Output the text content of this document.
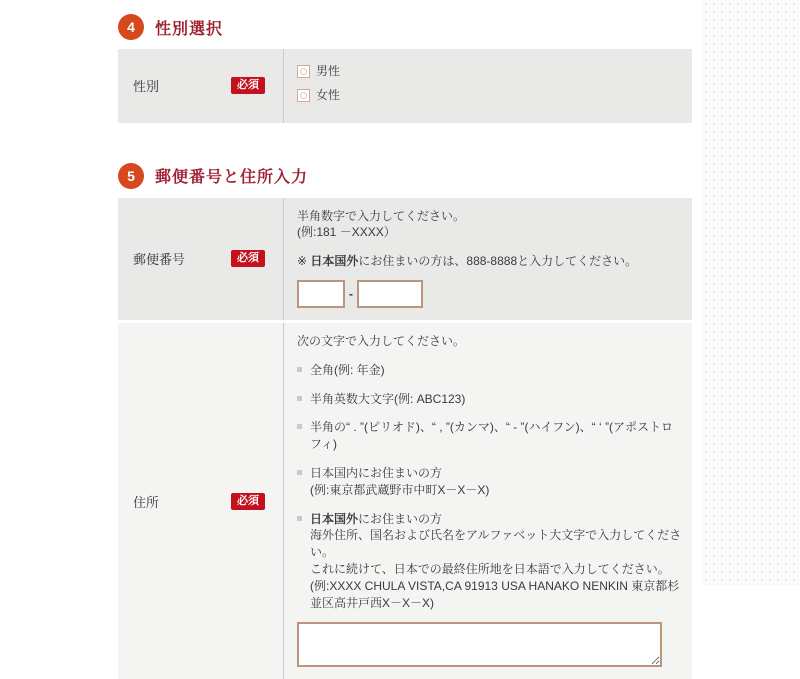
4	性別選択
性別	必須
男性
女性
5	郵便番号と住所入力
郵便番号	必須
半角数字で入力してください。
(例:181 －XXXX）
※ 日本国外にお住まいの方は、888-8888と入力してください。
-
住所	必須
次の文字で入力してください。
全角(例: 年金)
半角英数大文字(例: ABC123)
半角の“ . ”(ピリオド)、“ , ”(カンマ)、“ - ”(ハイフン)、“ ‘ ”(アポストロフィ)
日本国内にお住まいの方
(例:東京都武蔵野市中町X－X－X)
日本国外にお住まいの方
海外住所、国名および氏名をアルファベット大文字で入力してください。
これに続けて、日本での最終住所地を日本語で入力してください。
(例:XXXX CHULA VISTA,CA 91913 USA HANAKO NENKIN 東京都杉並区高井戸西X－X－X)
